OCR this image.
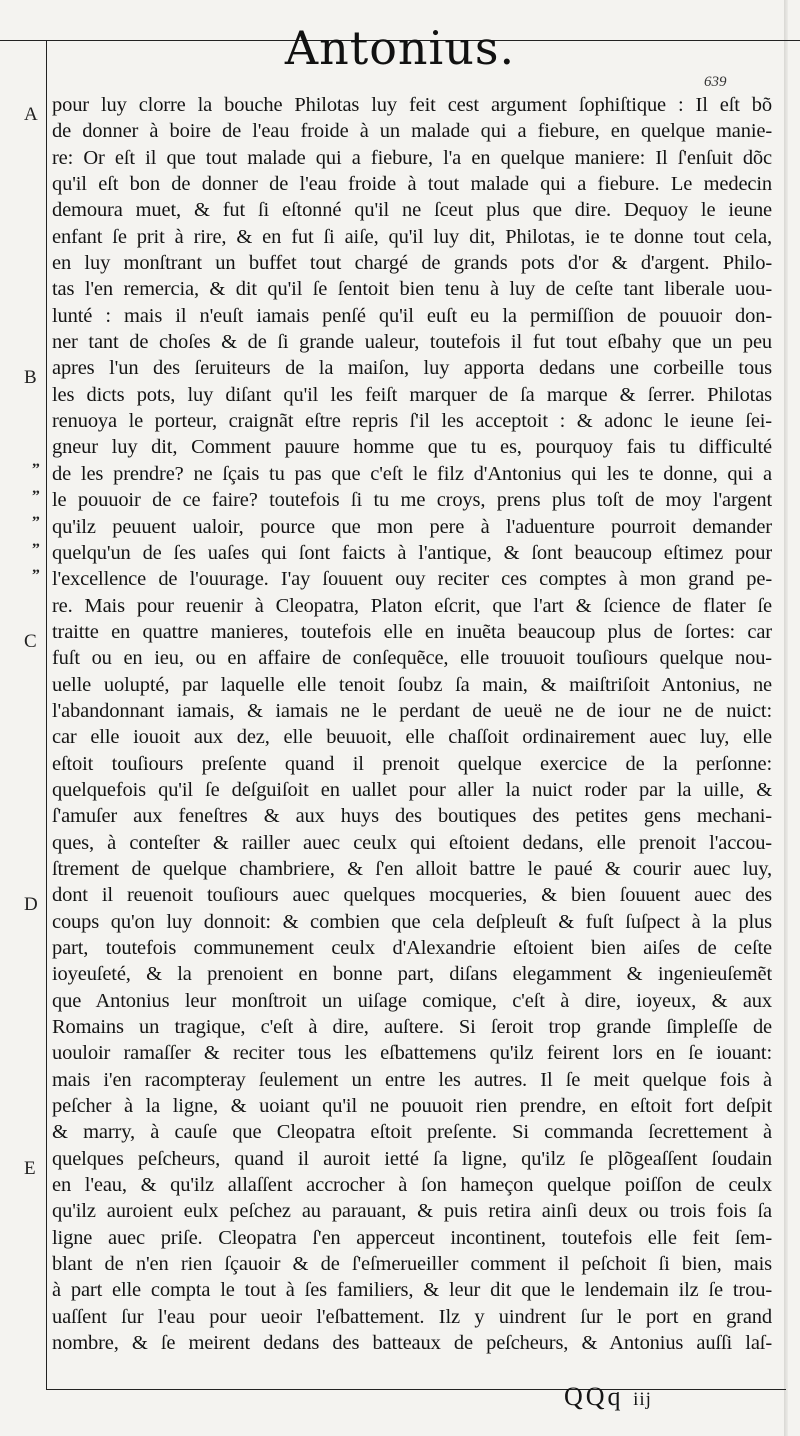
Antonius.
639
A
B
C
D
E
„
„
„
„
„
pour luy clorre la bouche Philotas luy feit cest argument ſophiſtique : Il eſt bõ
de donner à boire de l'eau froide à un malade qui a fiebure, en quelque manie-
re: Or eſt il que tout malade qui a fiebure, l'a en quelque maniere: Il ſ'enſuit dõc
qu'il eſt bon de donner de l'eau froide à tout malade qui a fiebure. Le medecin
demoura muet, & fut ſi eſtonné qu'il ne ſceut plus que dire. Dequoy le ieune
enfant ſe prit à rire, & en fut ſi aiſe, qu'il luy dit, Philotas, ie te donne tout cela,
en luy monſtrant un buffet tout chargé de grands pots d'or & d'argent. Philo-
tas l'en remercia, & dit qu'il ſe ſentoit bien tenu à luy de ceſte tant liberale uou-
lunté : mais il n'euſt iamais penſé qu'il euſt eu la permiſſion de pouuoir don-
ner tant de choſes & de ſi grande ualeur, toutefois il fut tout eſbahy que un peu
apres l'un des ſeruiteurs de la maiſon, luy apporta dedans une corbeille tous
les dicts pots, luy diſant qu'il les feiſt marquer de ſa marque & ſerrer. Philotas
renuoya le porteur, craignãt eſtre repris ſ'il les acceptoit : & adonc le ieune ſei-
gneur luy dit, Comment pauure homme que tu es, pourquoy fais tu difficulté
de les prendre? ne ſçais tu pas que c'eſt le filz d'Antonius qui les te donne, qui a
le pouuoir de ce faire? toutefois ſi tu me croys, prens plus toſt de moy l'argent
qu'ilz peuuent ualoir, pource que mon pere à l'aduenture pourroit demander
quelqu'un de ſes uaſes qui ſont faicts à l'antique, & ſont beaucoup eſtimez pour
l'excellence de l'ouurage. I'ay ſouuent ouy reciter ces comptes à mon grand pe-
re. Mais pour reuenir à Cleopatra, Platon eſcrit, que l'art & ſcience de flater ſe
traitte en quattre manieres, toutefois elle en inuẽta beaucoup plus de ſortes: car
fuſt ou en ieu, ou en affaire de conſequẽce, elle trouuoit touſiours quelque nou-
uelle uolupté, par laquelle elle tenoit ſoubz ſa main, & maiſtriſoit Antonius, ne
l'abandonnant iamais, & iamais ne le perdant de ueuë ne de iour ne de nuict:
car elle iouoit aux dez, elle beuuoit, elle chaſſoit ordinairement auec luy, elle
eſtoit touſiours preſente quand il prenoit quelque exercice de la perſonne:
quelquefois qu'il ſe deſguiſoit en uallet pour aller la nuict roder par la uille, &
ſ'amuſer aux feneſtres & aux huys des boutiques des petites gens mechani-
ques, à conteſter & railler auec ceulx qui eſtoient dedans, elle prenoit l'accou-
ſtrement de quelque chambriere, & ſ'en alloit battre le paué & courir auec luy,
dont il reuenoit touſiours auec quelques mocqueries, & bien ſouuent auec des
coups qu'on luy donnoit: & combien que cela deſpleuſt & fuſt ſuſpect à la plus
part, toutefois communement ceulx d'Alexandrie eſtoient bien aiſes de ceſte
ioyeuſeté, & la prenoient en bonne part, diſans elegamment & ingenieuſemẽt
que Antonius leur monſtroit un uiſage comique, c'eſt à dire, ioyeux, & aux
Romains un tragique, c'eſt à dire, auſtere. Si ſeroit trop grande ſimpleſſe de
uouloir ramaſſer & reciter tous les eſbattemens qu'ilz feirent lors en ſe iouant:
mais i'en racompteray ſeulement un entre les autres. Il ſe meit quelque fois à
peſcher à la ligne, & uoiant qu'il ne pouuoit rien prendre, en eſtoit fort deſpit
& marry, à cauſe que Cleopatra eſtoit preſente. Si commanda ſecrettement à
quelques peſcheurs, quand il auroit ietté ſa ligne, qu'ilz ſe plõgeaſſent ſoudain
en l'eau, & qu'ilz allaſſent accrocher à ſon hameçon quelque poiſſon de ceulx
qu'ilz auroient eulx peſchez au parauant, & puis retira ainſi deux ou trois fois ſa
ligne auec priſe. Cleopatra ſ'en apperceut incontinent, toutefois elle feit ſem-
blant de n'en rien ſçauoir & de ſ'eſmerueiller comment il peſchoit ſi bien, mais
à part elle compta le tout à ſes familiers, & leur dit que le lendemain ilz ſe trou-
uaſſent ſur l'eau pour ueoir l'eſbattement. Ilz y uindrent ſur le port en grand
nombre, & ſe meirent dedans des batteaux de peſcheurs, & Antonius auſſi laſ-
QQq iij
